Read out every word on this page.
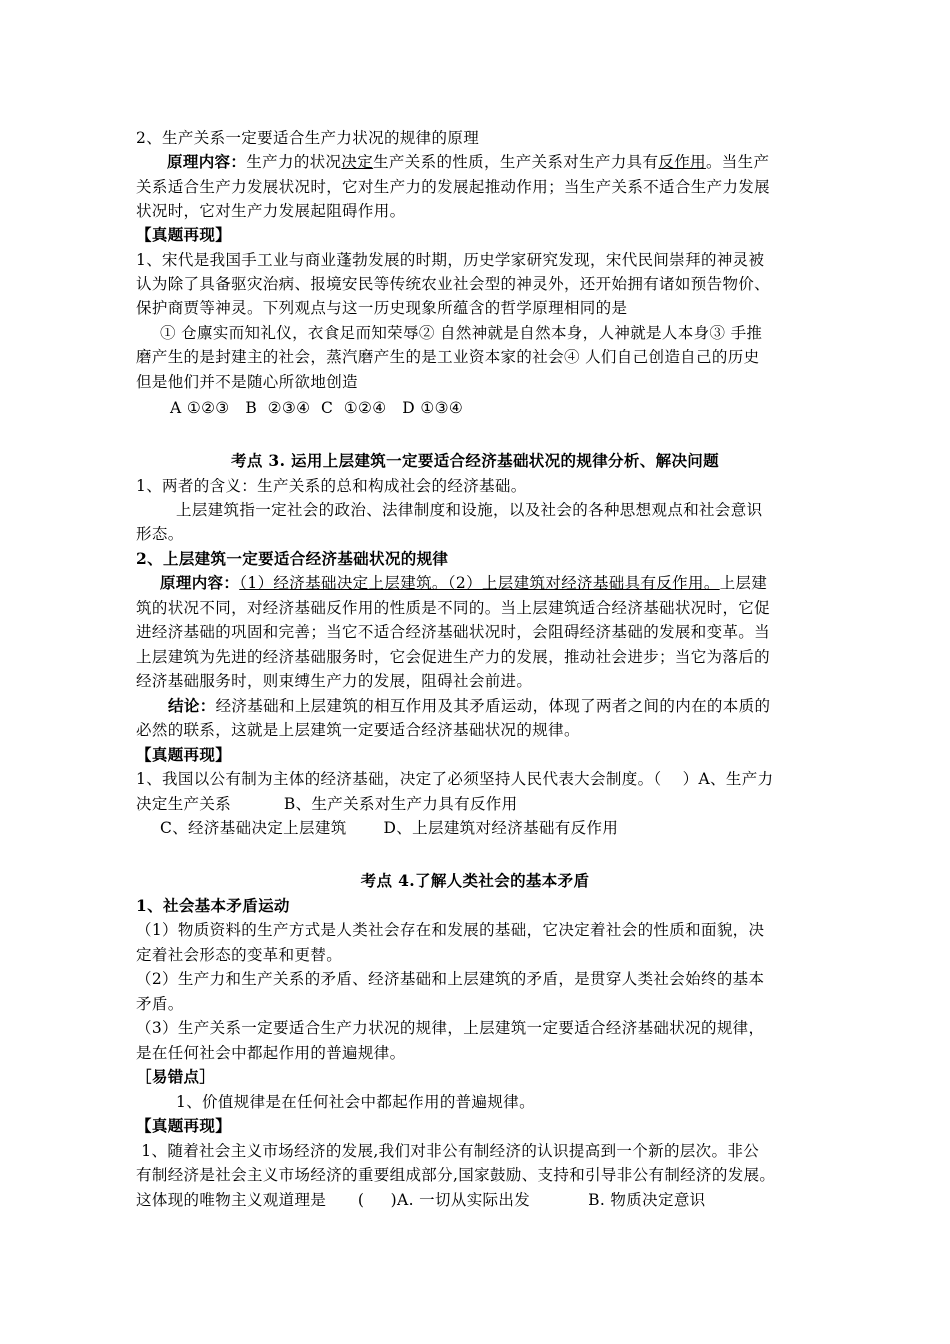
2、生产关系一定要适合生产力状况的规律的原理
原理内容：生产力的状况决定生产关系的性质，生产关系对生产力具有反作用。当生产
关系适合生产力发展状况时，它对生产力的发展起推动作用；当生产关系不适合生产力发展
状况时，它对生产力发展起阻碍作用。
【真题再现】
1、宋代是我国手工业与商业蓬勃发展的时期，历史学家研究发现，宋代民间崇拜的神灵被
认为除了具备驱灾治病、报境安民等传统农业社会型的神灵外，还开始拥有诸如预告物价、
保护商贾等神灵。下列观点与这一历史现象所蕴含的哲学原理相同的是
① 仓廪实而知礼仪，衣食足而知荣辱② 自然神就是自然本身，人神就是人本身③ 手推
磨产生的是封建主的社会，蒸汽磨产生的是工业资本家的社会④ 人们自己创造自己的历史
但是他们并不是随心所欲地创造
A ①②③   B  ②③④  C  ①②④   D ①③④
考点 3. 运用上层建筑一定要适合经济基础状况的规律分析、解决问题
1、两者的含义：生产关系的总和构成社会的经济基础。
上层建筑指一定社会的政治、法律制度和设施，以及社会的各种思想观点和社会意识
形态。
2、上层建筑一定要适合经济基础状况的规律
原理内容：（1）经济基础决定上层建筑。（2）上层建筑对经济基础具有反作用。上层建
筑的状况不同，对经济基础反作用的性质是不同的。当上层建筑适合经济基础状况时，它促
进经济基础的巩固和完善；当它不适合经济基础状况时，会阻碍经济基础的发展和变革。当
上层建筑为先进的经济基础服务时，它会促进生产力的发展，推动社会进步；当它为落后的
经济基础服务时，则束缚生产力的发展，阻碍社会前进。
结论：经济基础和上层建筑的相互作用及其矛盾运动，体现了两者之间的内在的本质的
必然的联系，这就是上层建筑一定要适合经济基础状况的规律。
【真题再现】
1、我国以公有制为主体的经济基础，决定了必须坚持人民代表大会制度。（    ）A、生产力
决定生产关系          B、生产关系对生产力具有反作用
C、经济基础决定上层建筑       D、上层建筑对经济基础有反作用
考点 4.了解人类社会的基本矛盾
1、社会基本矛盾运动
（1）物质资料的生产方式是人类社会存在和发展的基础，它决定着社会的性质和面貌，决
定着社会形态的变革和更替。
（2）生产力和生产关系的矛盾、经济基础和上层建筑的矛盾，是贯穿人类社会始终的基本
矛盾。
（3）生产关系一定要适合生产力状况的规律，上层建筑一定要适合经济基础状况的规律，
是在任何社会中都起作用的普遍规律。
［易错点］
1、价值规律是在任何社会中都起作用的普遍规律。
【真题再现】
1、随着社会主义市场经济的发展,我们对非公有制经济的认识提高到一个新的层次。非公
有制经济是社会主义市场经济的重要组成部分,国家鼓励、支持和引导非公有制经济的发展。
这体现的唯物主义观道理是      (     )A. 一切从实际出发           B. 物质决定意识
